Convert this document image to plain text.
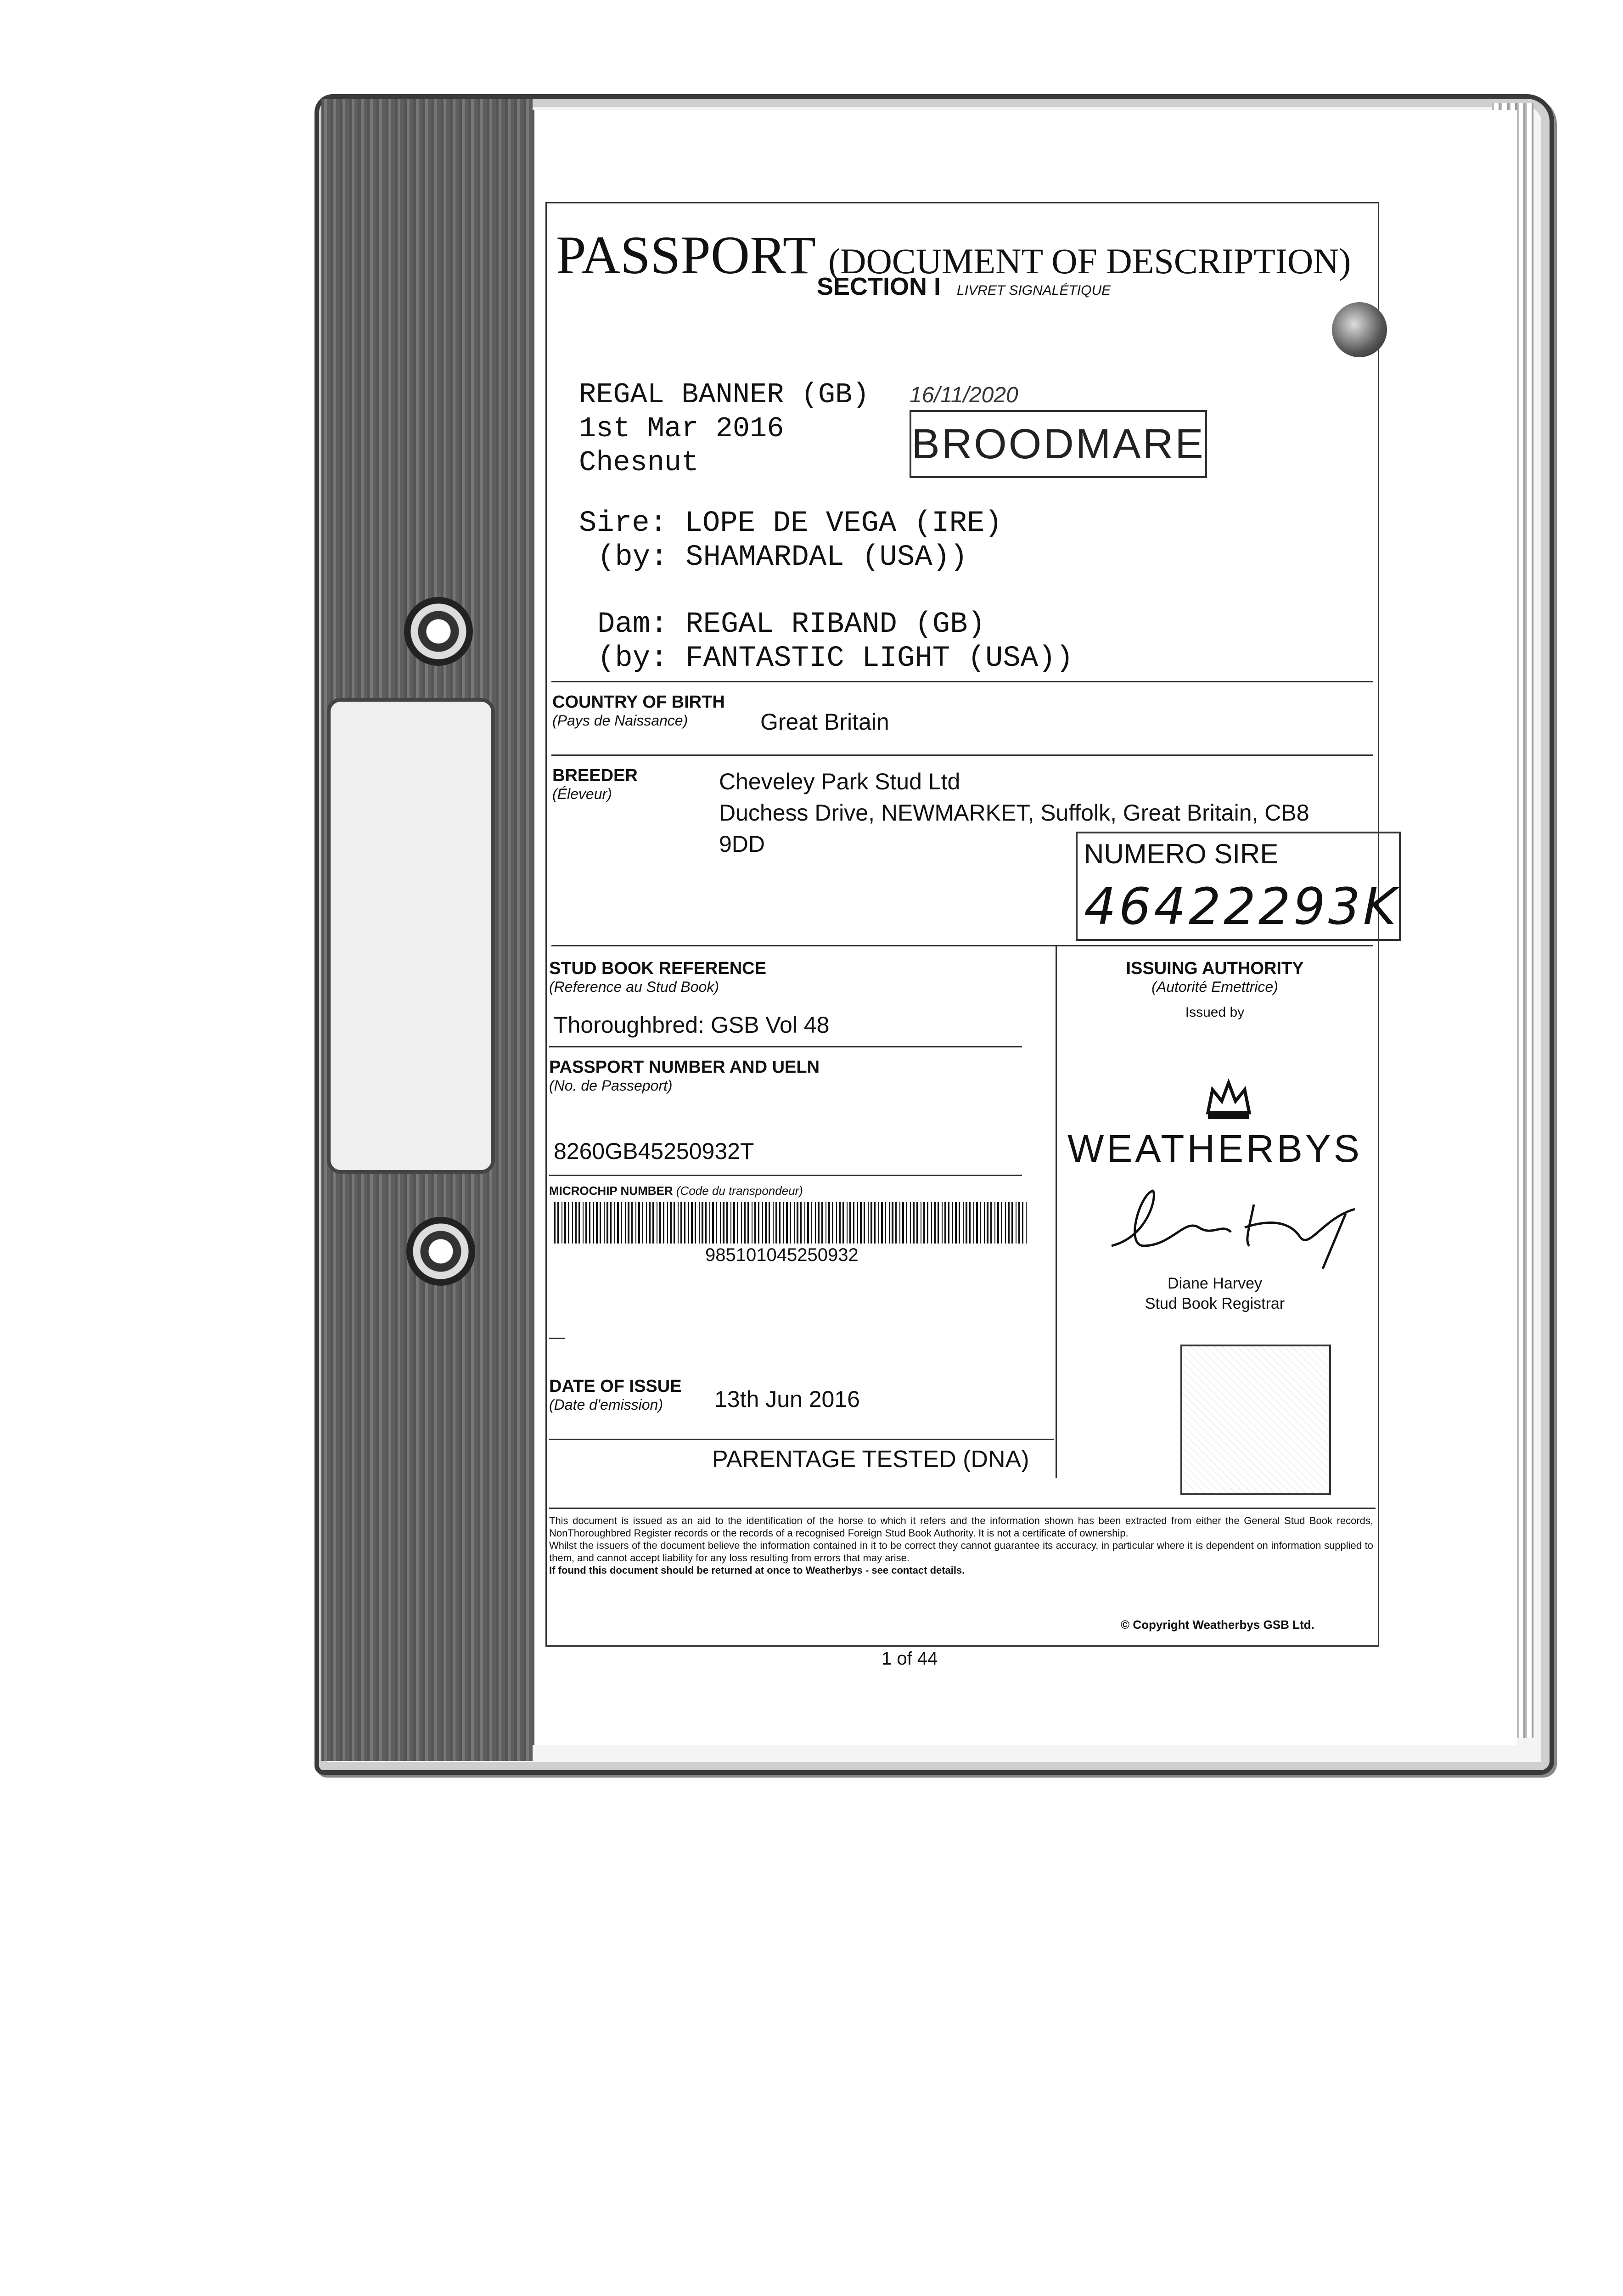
PASSPORT (DOCUMENT OF DESCRIPTION)
SECTION I LIVRET SIGNALÉTIQUE
REGAL BANNER (GB)
1st Mar 2016
Chesnut
16/11/2020
BROODMARE
Sire: LOPE DE VEGA (IRE)
(by: SHAMARDAL (USA))
Dam: REGAL RIBAND (GB)
(by: FANTASTIC LIGHT (USA))
COUNTRY OF BIRTH
(Pays de Naissance)	Great Britain
BREEDER
(Éleveur)	Cheveley Park Stud Ltd
Duchess Drive, NEWMARKET, Suffolk, Great Britain, CB8
9DD	NUMERO SIRE
46422293K
STUD BOOK REFERENCE
(Reference au Stud Book)
Thoroughbred: GSB Vol 48
PASSPORT NUMBER AND UELN
(No. de Passeport)
8260GB45250932T
MICROCHIP NUMBER (Code du transpondeur)
985101045250932
ISSUING AUTHORITY
(Autorité Emettrice)
Issued by
WEATHERBYS
Diane Harvey
Stud Book Registrar
DATE OF ISSUE
(Date d'emission)	13th Jun 2016
PARENTAGE TESTED (DNA)
This document is issued as an aid to the identification of the horse to which it refers and the information shown has been extracted from either the General Stud Book records, NonThoroughbred Register records or the records of a recognised Foreign Stud Book Authority. It is not a certificate of ownership.
Whilst the issuers of the document believe the information contained in it to be correct they cannot guarantee its accuracy, in particular where it is dependent on information supplied to them, and cannot accept liability for any loss resulting from errors that may arise.
If found this document should be returned at once to Weatherbys - see contact details.
© Copyright Weatherbys GSB Ltd.
1 of 44
